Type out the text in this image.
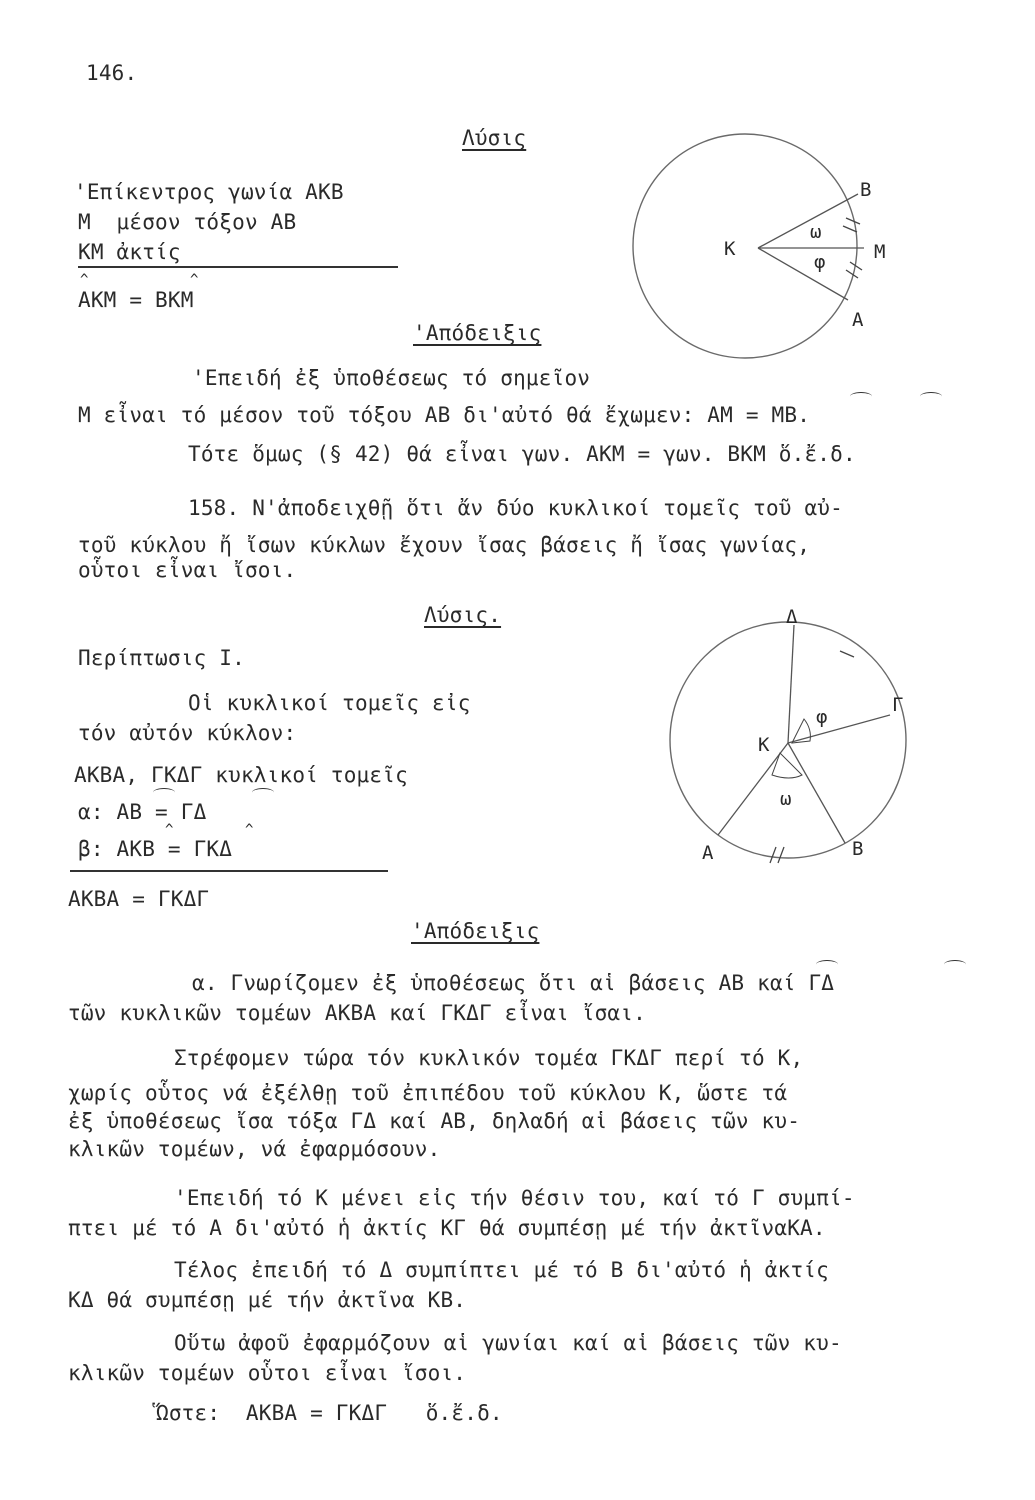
146.
Λύσις
'Επίκεντρος γωνία ΑΚΒ
Μ  μέσον τόξον ΑΒ
ΚΜ ἀκτίς
^	^
ΑΚΜ = ΒΚΜ
'Απόδειξις
'Επειδή ἐξ ὑποθέσεως τό σημεῖον
Μ εἶναι τό μέσον τοῦ τόξου ΑΒ δι'αὐτό θά ἔχωμεν: ΑΜ = ΜΒ.
Τότε ὅμως (§ 42) θά εἶναι γων. ΑΚΜ = γων. ΒΚΜ ὅ.ἔ.δ.
Κ
Β
Μ
Α
ω
φ
158. Ν'ἀποδειχθῇ ὅτι ἄν δύο κυκλικοί τομεῖς τοῦ αὐ-
τοῦ κύκλου ἤ ἴσων κύκλων ἔχουν ἴσας βάσεις ἤ ἴσας γωνίας,
οὗτοι εἶναι ἴσοι.
Λύσις.
Περίπτωσις Ι.
Οἱ κυκλικοί τομεῖς εἰς
τόν αὐτόν κύκλον:
ΑΚΒΑ, ΓΚΔΓ κυκλικοί τομεῖς
α: ΑΒ = ΓΔ
^	^
β: ΑΚΒ = ΓΚΔ
ΑΚΒΑ = ΓΚΔΓ
'Απόδειξις
α. Γνωρίζομεν ἐξ ὑποθέσεως ὅτι αἱ βάσεις ΑΒ καί ΓΔ
τῶν κυκλικῶν τομέων ΑΚΒΑ καί ΓΚΔΓ εἶναι ἴσαι.
Στρέφομεν τώρα τόν κυκλικόν τομέα ΓΚΔΓ περί τό Κ,
χωρίς οὗτος νά ἐξέλθῃ τοῦ ἐπιπέδου τοῦ κύκλου Κ, ὥστε τά
ἐξ ὑποθέσεως ἴσα τόξα ΓΔ καί ΑΒ, δηλαδή αἱ βάσεις τῶν κυ-
κλικῶν τομέων, νά ἐφαρμόσουν.
'Επειδή τό Κ μένει εἰς τήν θέσιν του, καί τό Γ συμπί-
πτει μέ τό Α δι'αὐτό ἡ ἀκτίς ΚΓ θά συμπέσῃ μέ τήν ἀκτῖναΚΑ.
Τέλος ἐπειδή τό Δ συμπίπτει μέ τό Β δι'αὐτό ἡ ἀκτίς
ΚΔ θά συμπέσῃ μέ τήν ἀκτῖνα ΚΒ.
Οὕτω ἀφοῦ ἐφαρμόζουν αἱ γωνίαι καί αἱ βάσεις τῶν κυ-
κλικῶν τομέων οὗτοι εἶναι ἴσοι.
Ὥστε:  ΑΚΒΑ = ΓΚΔΓ   ὅ.ἔ.δ.
Δ
Γ
Κ
Α	Β
φ
ω
